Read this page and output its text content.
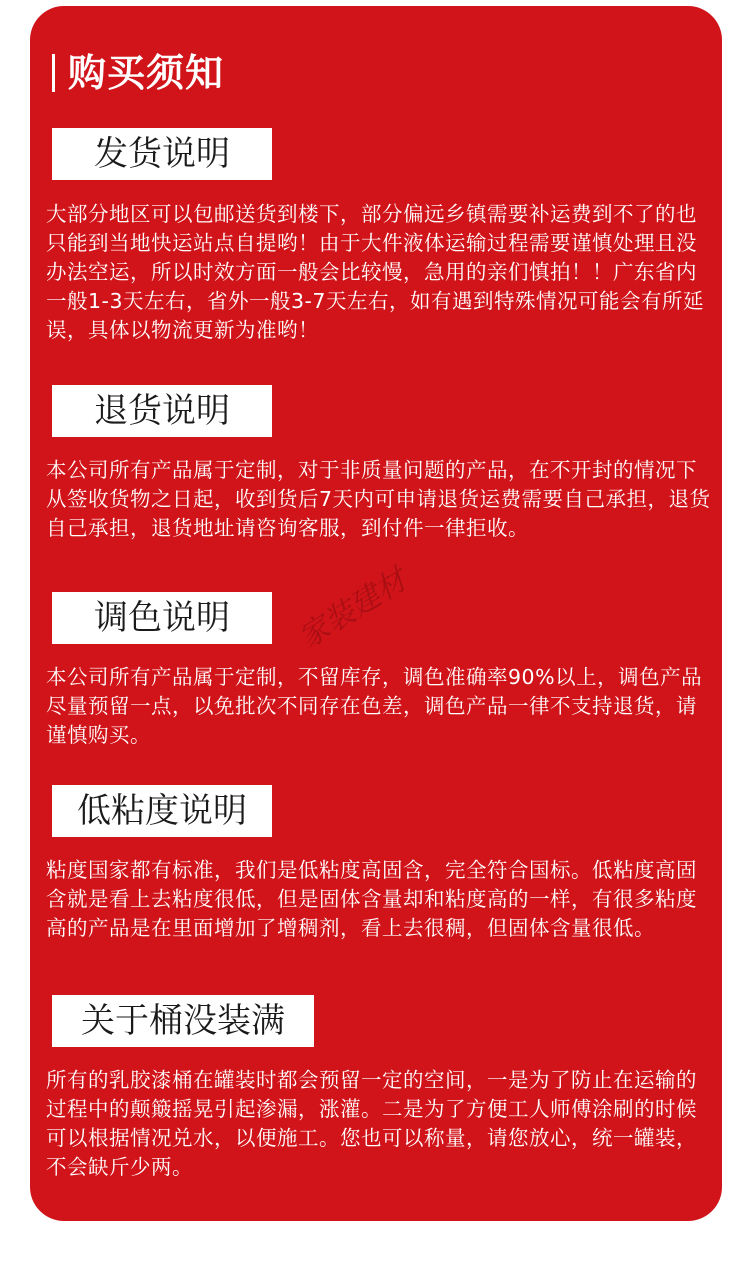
购买须知
发货说明
大部分地区可以包邮送货到楼下，部分偏远乡镇需要补运费到不了的也只能到当地快运站点自提哟！由于大件液体运输过程需要谨慎处理且没办法空运，所以时效方面一般会比较慢，急用的亲们慎拍！！广东省内一般1-3天左右，省外一般3-7天左右，如有遇到特殊情况可能会有所延误，具体以物流更新为准哟！
退货说明
本公司所有产品属于定制，对于非质量问题的产品，在不开封的情况下从签收货物之日起，收到货后7天内可申请退货运费需要自己承担，退货自己承担，退货地址请咨询客服，到付件一律拒收。
调色说明
本公司所有产品属于定制，不留库存，调色准确率90%以上，调色产品尽量预留一点，以免批次不同存在色差，调色产品一律不支持退货，请谨慎购买。
低粘度说明
粘度国家都有标准，我们是低粘度高固含，完全符合国标。低粘度高固含就是看上去粘度很低，但是固体含量却和粘度高的一样，有很多粘度高的产品是在里面增加了增稠剂，看上去很稠，但固体含量很低。
关于桶没装满
所有的乳胶漆桶在罐装时都会预留一定的空间，一是为了防止在运输的过程中的颠簸摇晃引起渗漏，涨灌。二是为了方便工人师傅涂刷的时候可以根据情况兑水，以便施工。您也可以称量，请您放心，统一罐装，不会缺斤少两。
家装建材
